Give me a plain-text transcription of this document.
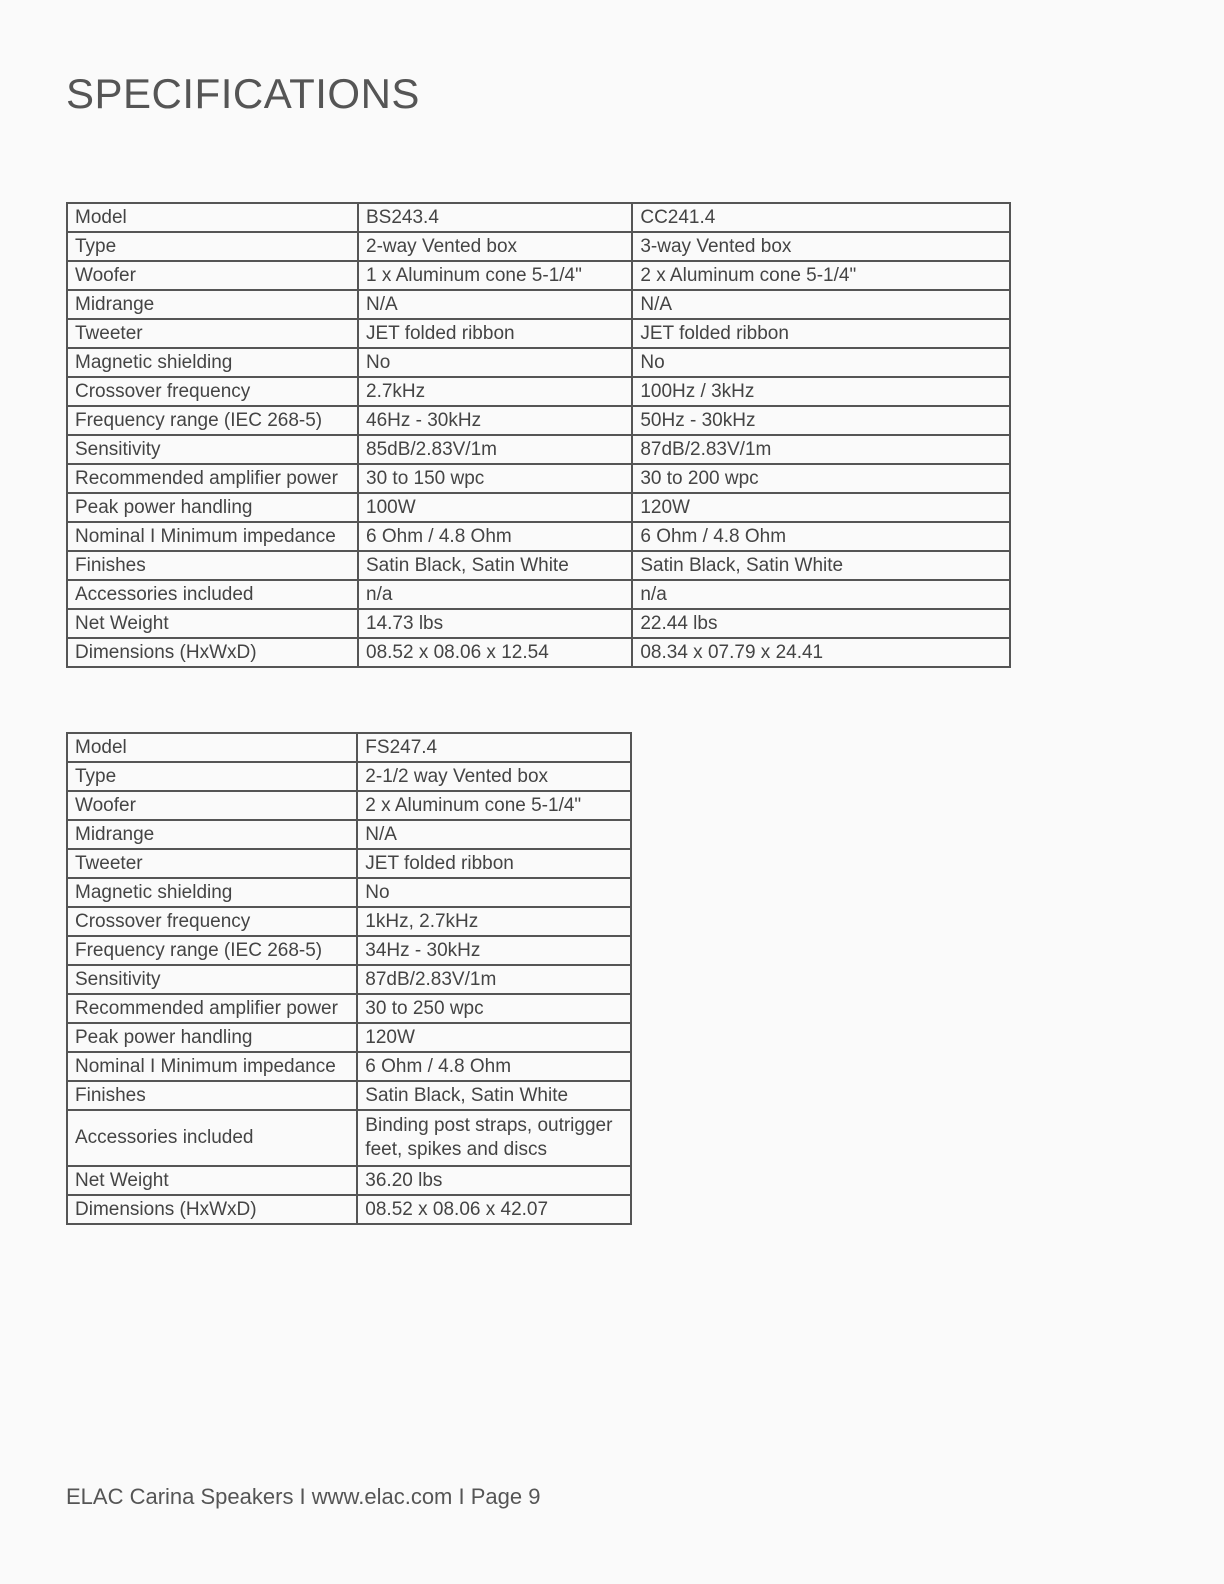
SPECIFICATIONS
Model	BS243.4	CC241.4
Type	2-way Vented box	3-way Vented box
Woofer	1 x Aluminum cone 5-1/4"	2 x Aluminum cone 5-1/4"
Midrange	N/A	N/A
Tweeter	JET folded ribbon	JET folded ribbon
Magnetic shielding	No	No
Crossover frequency	2.7kHz	100Hz / 3kHz
Frequency range (IEC 268-5)	46Hz - 30kHz	50Hz - 30kHz
Sensitivity	85dB/2.83V/1m	87dB/2.83V/1m
Recommended amplifier power	30 to 150 wpc	30 to 200 wpc
Peak power handling	100W	120W
Nominal I Minimum impedance	6 Ohm / 4.8 Ohm	6 Ohm / 4.8 Ohm
Finishes	Satin Black, Satin White	Satin Black, Satin White
Accessories included	n/a	n/a
Net Weight	14.73 lbs	22.44 lbs
Dimensions (HxWxD)	08.52 x 08.06 x 12.54	08.34 x 07.79 x 24.41
Model	FS247.4
Type	2-1/2 way Vented box
Woofer	2 x Aluminum cone 5-1/4"
Midrange	N/A
Tweeter	JET folded ribbon
Magnetic shielding	No
Crossover frequency	1kHz, 2.7kHz
Frequency range (IEC 268-5)	34Hz - 30kHz
Sensitivity	87dB/2.83V/1m
Recommended amplifier power	30 to 250 wpc
Peak power handling	120W
Nominal I Minimum impedance	6 Ohm / 4.8 Ohm
Finishes	Satin Black, Satin White
Accessories included	Binding post straps, outrigger feet, spikes and discs
Net Weight	36.20 lbs
Dimensions (HxWxD)	08.52 x 08.06 x 42.07
ELAC Carina Speakers I www.elac.com I Page 9
